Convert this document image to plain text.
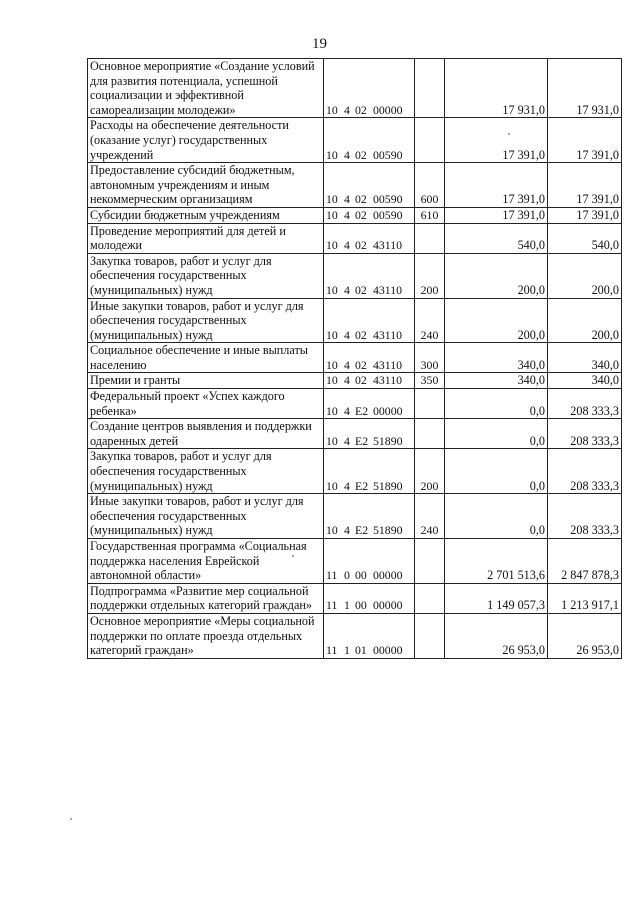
19
Основное мероприятие «Создание условий для развития потенциала, успешной социализации и эффективной самореализации молодежи»	10 4 02 00000		17 931,0	17 931,0
Расходы на обеспечение деятельности (оказание услуг) государственных учреждений	10 4 02 00590		17 391,0	17 391,0
Предоставление субсидий бюджетным, автономным учреждениям и иным некоммерческим организациям	10 4 02 00590	600	17 391,0	17 391,0
Субсидии бюджетным учреждениям	10 4 02 00590	610	17 391,0	17 391,0
Проведение мероприятий для детей и молодежи	10 4 02 43110		540,0	540,0
Закупка товаров, работ и услуг для обеспечения государственных (муниципальных) нужд	10 4 02 43110	200	200,0	200,0
Иные закупки товаров, работ и услуг для обеспечения государственных (муниципальных) нужд	10 4 02 43110	240	200,0	200,0
Социальное обеспечение и иные выплаты населению	10 4 02 43110	300	340,0	340,0
Премии и гранты	10 4 02 43110	350	340,0	340,0
Федеральный проект «Успех каждого ребенка»	10 4 E2 00000		0,0	208 333,3
Создание центров выявления и поддержки одаренных детей	10 4 E2 51890		0,0	208 333,3
Закупка товаров, работ и услуг для обеспечения государственных (муниципальных) нужд	10 4 E2 51890	200	0,0	208 333,3
Иные закупки товаров, работ и услуг для обеспечения государственных (муниципальных) нужд	10 4 E2 51890	240	0,0	208 333,3
Государственная программа «Социальная поддержка населения Еврейской автономной области»	11 0 00 00000		2 701 513,6	2 847 878,3
Подпрограмма «Развитие мер социальной поддержки отдельных категорий граждан»	11 1 00 00000		1 149 057,3	1 213 917,1
Основное мероприятие «Меры социальной поддержки по оплате проезда отдельных категорий граждан»	11 1 01 00000		26 953,0	26 953,0
